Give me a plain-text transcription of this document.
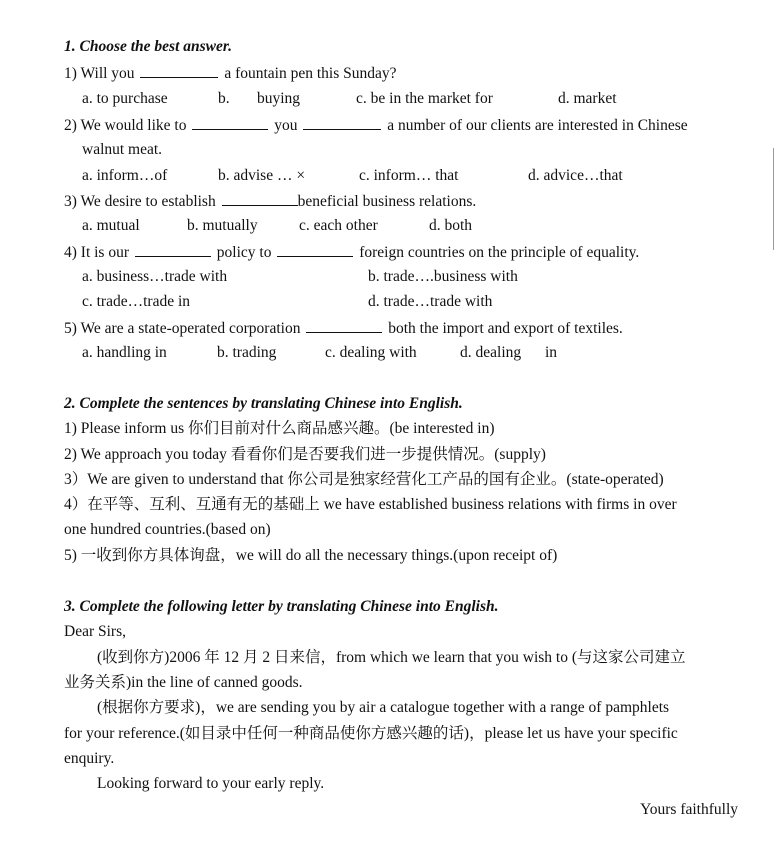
1. Choose the best answer.
1) Will you	a fountain pen this Sunday?
a. to purchase	b. buying	c. be in the market for	d. market
2) We would like to	you	a number of our clients are interested in Chinese
walnut meat.
a. inform…of	b. advise … ×	c. inform… that	d. advice…that
3) We desire to establish	beneficial business relations.
a. mutual	b. mutually	c. each other	d. both
4) It is our	policy to	foreign countries on the principle of equality.
a. business…trade with	b. trade….business with
c. trade…trade in	d. trade…trade with
5) We are a state-operated corporation	both the import and export of textiles.
a. handling in	b. trading	c. dealing with	d. dealing in
2. Complete the sentences by translating Chinese into English.
1) Please inform us 你们目前对什么商品感兴趣。(be interested in)
2) We approach you today 看看你们是否要我们进一步提供情况。(supply)
3）We are given to understand that 你公司是独家经营化工产品的国有企业。(state-operated)
4）在平等、互利、互通有无的基础上 we have established business relations with firms in over
one hundred countries.(based on)
5) 一收到你方具体询盘，we will do all the necessary things.(upon receipt of)
3. Complete the following letter by translating Chinese into English.
Dear Sirs,
(收到你方)2006 年 12 月 2 日来信，from which we learn that you wish to (与这家公司建立
业务关系)in the line of canned goods.
(根据你方要求)，we are sending you by air a catalogue together with a range of pamphlets
for your reference.(如目录中任何一种商品使你方感兴趣的话)，please let us have your specific
enquiry.
Looking forward to your early reply.
Yours faithfully
